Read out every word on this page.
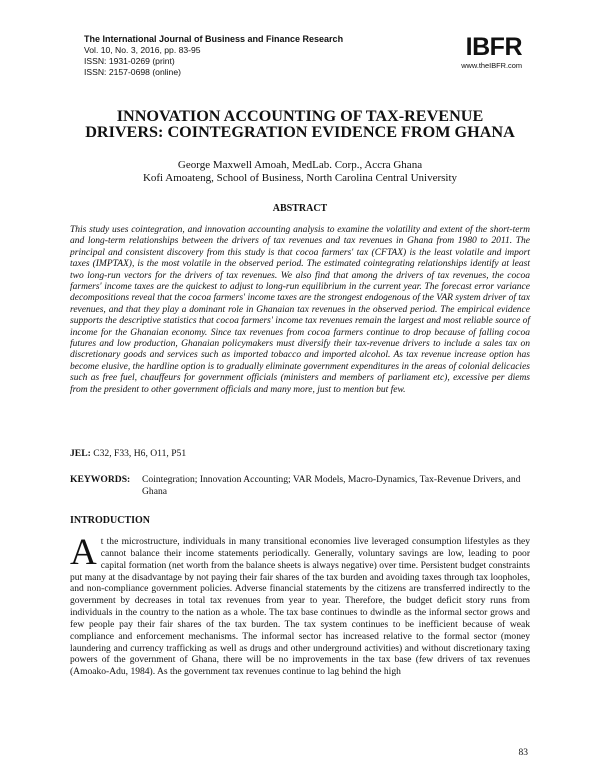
The International Journal of Business and Finance Research
Vol. 10, No. 3, 2016, pp. 83-95
ISSN: 1931-0269 (print)
ISSN: 2157-0698 (online)
IBFR
www.theIBFR.com
INNOVATION ACCOUNTING OF TAX-REVENUE DRIVERS: COINTEGRATION EVIDENCE FROM GHANA
George Maxwell Amoah, MedLab. Corp., Accra Ghana
Kofi Amoateng, School of Business, North Carolina Central University
ABSTRACT
This study uses cointegration, and innovation accounting analysis to examine the volatility and extent of the short-term and long-term relationships between the drivers of tax revenues and tax revenues in Ghana from 1980 to 2011. The principal and consistent discovery from this study is that cocoa farmers' tax (CFTAX) is the least volatile and import taxes (IMPTAX), is the most volatile in the observed period. The estimated cointegrating relationships identify at least two long-run vectors for the drivers of tax revenues. We also find that among the drivers of tax revenues, the cocoa farmers' income taxes are the quickest to adjust to long-run equilibrium in the current year. The forecast error variance decompositions reveal that the cocoa farmers' income taxes are the strongest endogenous of the VAR system driver of tax revenues, and that they play a dominant role in Ghanaian tax revenues in the observed period. The empirical evidence supports the descriptive statistics that cocoa farmers' income tax revenues remain the largest and most reliable source of income for the Ghanaian economy. Since tax revenues from cocoa farmers continue to drop because of falling cocoa futures and low production, Ghanaian policymakers must diversify their tax-revenue drivers to include a sales tax on discretionary goods and services such as imported tobacco and imported alcohol. As tax revenue increase option has become elusive, the hardline option is to gradually eliminate government expenditures in the areas of colonial delicacies such as free fuel, chauffeurs for government officials (ministers and members of parliament etc), excessive per diems from the president to other government officials and many more, just to mention but few.
JEL: C32, F33, H6, O11, P51
KEYWORDS:	Cointegration; Innovation Accounting; VAR Models, Macro-Dynamics, Tax-Revenue Drivers, and Ghana
INTRODUCTION
At the microstructure, individuals in many transitional economies live leveraged consumption lifestyles as they cannot balance their income statements periodically. Generally, voluntary savings are low, leading to poor capital formation (net worth from the balance sheets is always negative) over time. Persistent budget constraints put many at the disadvantage by not paying their fair shares of the tax burden and avoiding taxes through tax loopholes, and non-compliance government policies. Adverse financial statements by the citizens are transferred indirectly to the government by decreases in total tax revenues from year to year. Therefore, the budget deficit story runs from individuals in the country to the nation as a whole. The tax base continues to dwindle as the informal sector grows and few people pay their fair shares of the tax burden. The tax system continues to be inefficient because of weak compliance and enforcement mechanisms. The informal sector has increased relative to the formal sector (money laundering and currency trafficking as well as drugs and other underground activities) and without discretionary taxing powers of the government of Ghana, there will be no improvements in the tax base (few drivers of tax revenues (Amoako-Adu, 1984). As the government tax revenues continue to lag behind the high
83
